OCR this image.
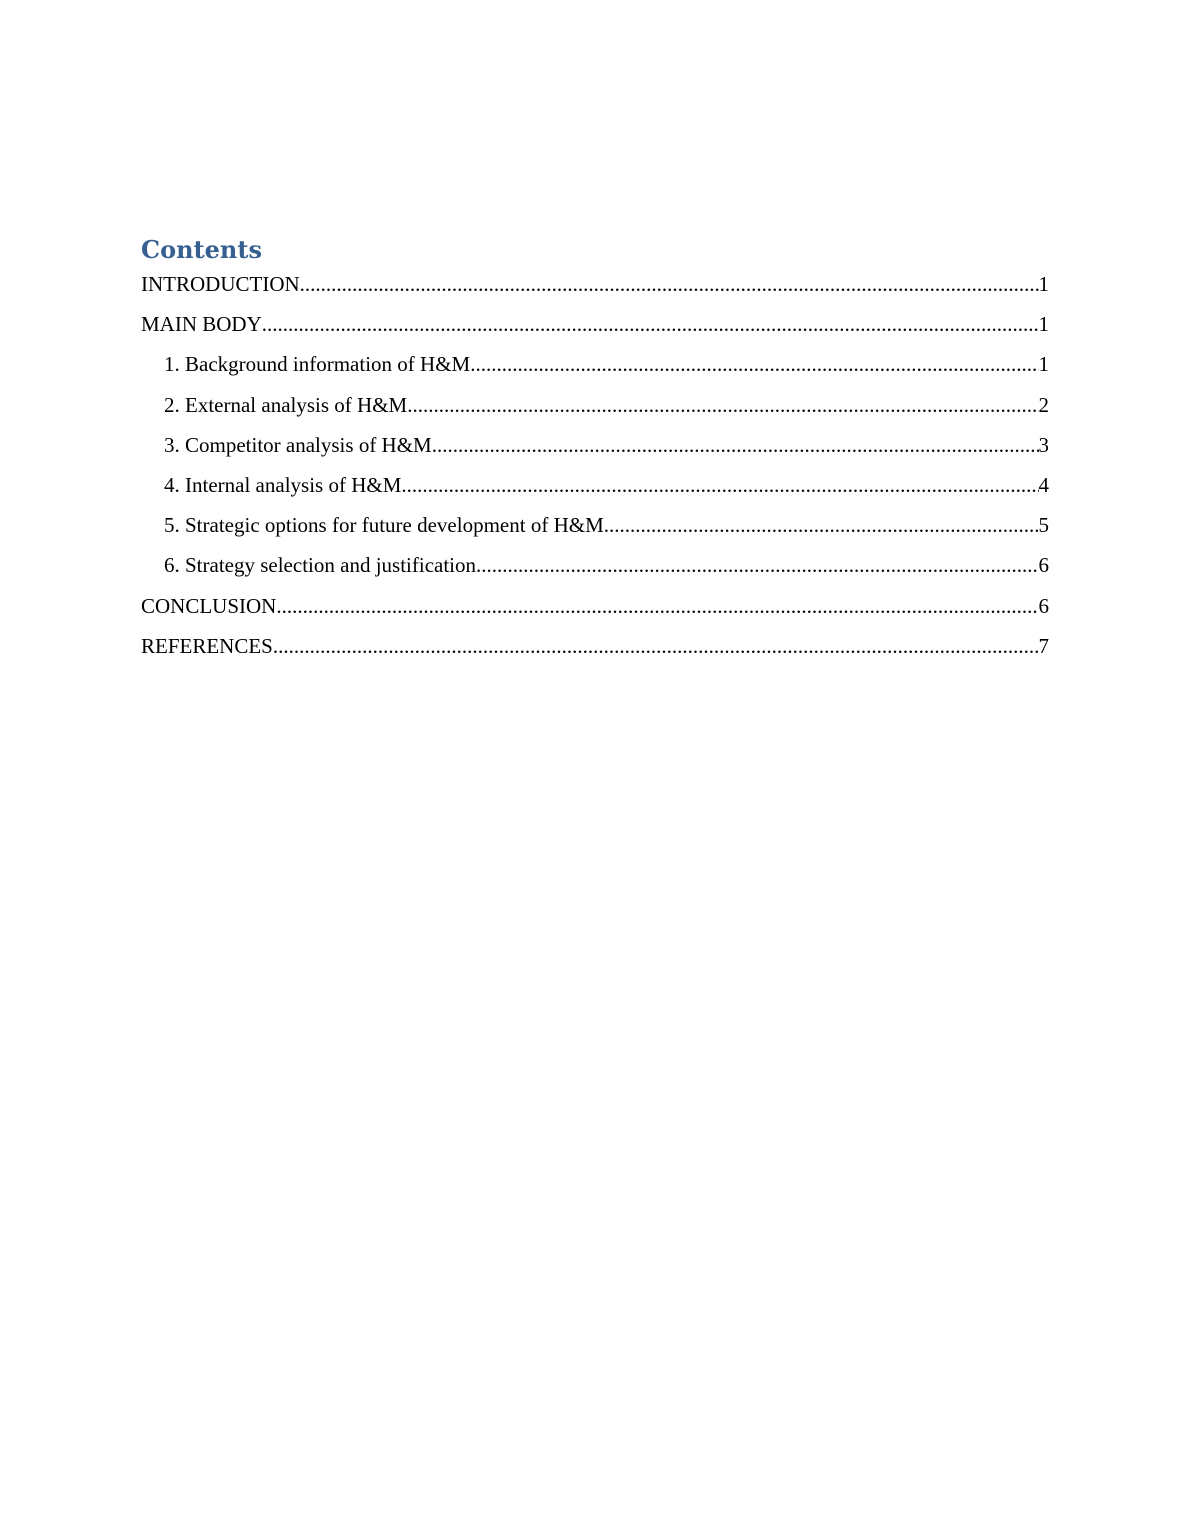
Contents
INTRODUCTION .....	1
MAIN BODY .....	1
1. Background information of H&M .....	1
2. External analysis of H&M .....	2
3. Competitor analysis of H&M .....	3
4. Internal analysis of H&M .....	4
5. Strategic options for future development of H&M .....	5
6. Strategy selection and justification .....	6
CONCLUSION .....	6
REFERENCES .....	7
